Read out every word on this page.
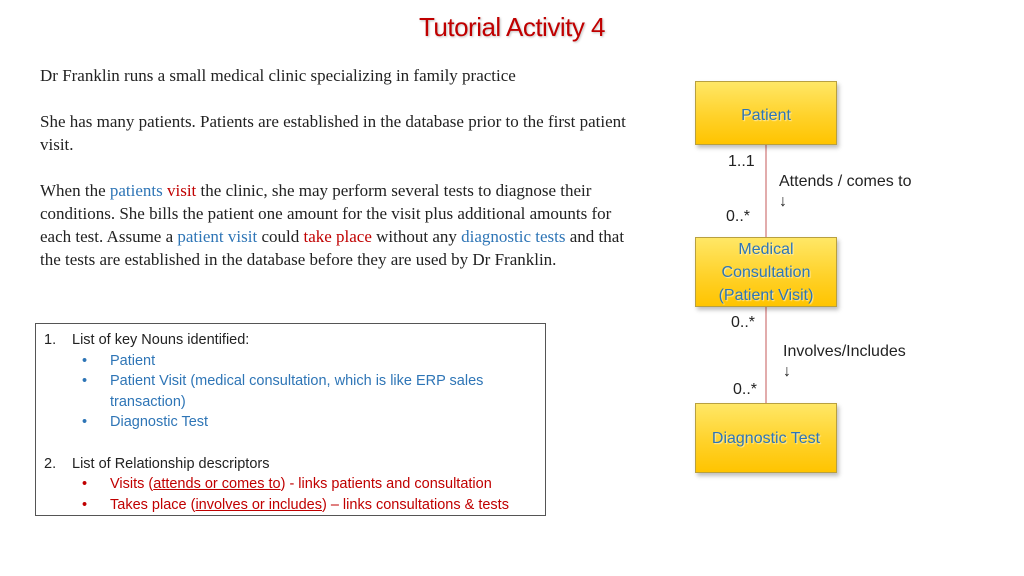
Tutorial Activity 4

Dr Franklin runs a small medical clinic specializing in family practice

She has many patients. Patients are established in the database prior to the first patient visit.

When the patients visit the clinic, she may perform several tests to diagnose their conditions. She bills the patient one amount for the visit plus additional amounts for each test. Assume a patient visit could take place without any diagnostic tests and that the tests are established in the database before they are used by Dr Franklin.

1.	List of key Nouns identified:
• Patient
• Patient Visit (medical consultation, which is like ERP sales transaction)
• Diagnostic Test
2.	List of Relationship descriptors
• Visits (attends or comes to) - links patients and consultation
• Takes place (involves or includes) – links consultations & tests
Patient
Medical
Consultation
(Patient Visit)
Diagnostic Test
1..1
0..*
0..*
0..*
Attends / comes to
↓
Involves/Includes
↓
